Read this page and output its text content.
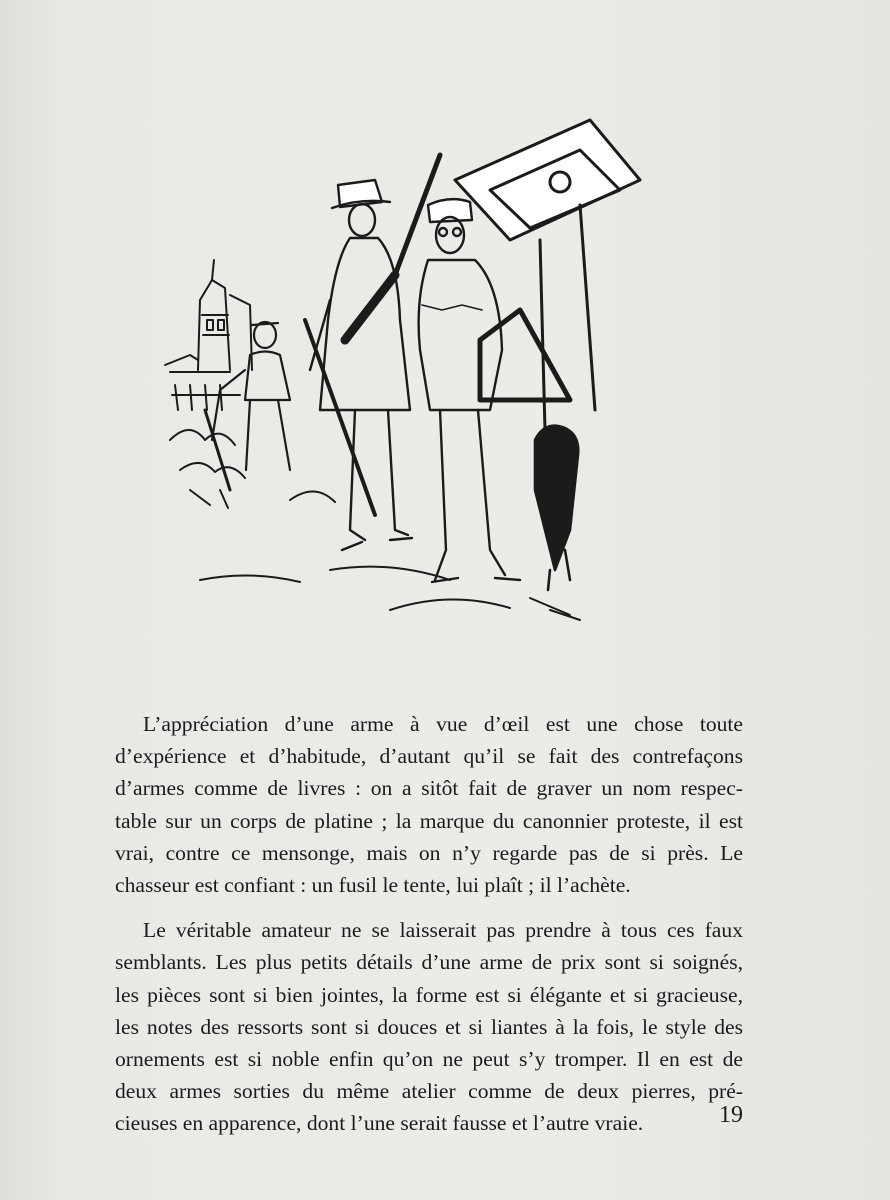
L’appréciation d’une arme à vue d’œil est une chose toute
d’expérience et d’habitude, d’autant qu’il se fait des contrefaçons
d’armes comme de livres : on a sitôt fait de graver un nom respec-
table sur un corps de platine ; la marque du canonnier proteste, il est
vrai, contre ce mensonge, mais on n’y regarde pas de si près. Le
chasseur est confiant : un fusil le tente, lui plaît ; il l’achète.

Le véritable amateur ne se laisserait pas prendre à tous ces faux
semblants. Les plus petits détails d’une arme de prix sont si soignés,
les pièces sont si bien jointes, la forme est si élégante et si gracieuse,
les notes des ressorts sont si douces et si liantes à la fois, le style des
ornements est si noble enfin qu’on ne peut s’y tromper. Il en est de
deux armes sorties du même atelier comme de deux pierres, pré-
cieuses en apparence, dont l’une serait fausse et l’autre vraie.	19
